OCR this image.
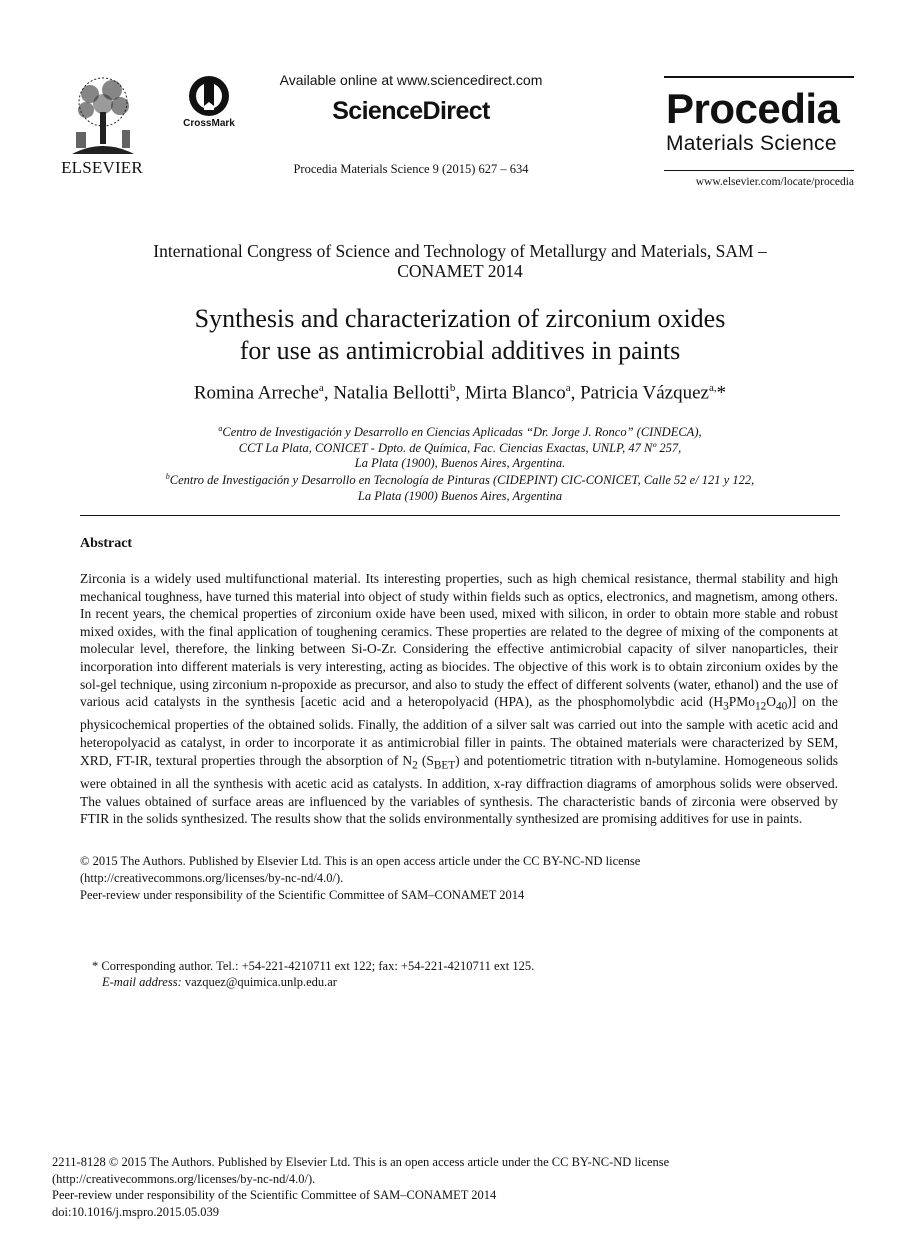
ELSEVIER
CrossMark
Available online at www.sciencedirect.com
ScienceDirect
Procedia Materials Science 9 (2015) 627 – 634
Procedia
Materials Science
www.elsevier.com/locate/procedia
International Congress of Science and Technology of Metallurgy and Materials, SAM –
CONAMET 2014
Synthesis and characterization of zirconium oxides
for use as antimicrobial additives in paints
Romina Arreche$^a$, Natalia Bellotti$^b$, Mirta Blanco$^a$, Patricia Vázquez$^{a,}$*
$^a$Centro de Investigación y Desarrollo en Ciencias Aplicadas “Dr. Jorge J. Ronco” (CINDECA),
CCT La Plata, CONICET - Dpto. de Química, Fac. Ciencias Exactas, UNLP, 47 Nº 257,
La Plata (1900), Buenos Aires, Argentina.
$^b$Centro de Investigación y Desarrollo en Tecnología de Pinturas (CIDEPINT) CIC-CONICET, Calle 52 e/ 121 y 122,
La Plata (1900) Buenos Aires, Argentina
Abstract
Zirconia is a widely used multifunctional material. Its interesting properties, such as high chemical resistance, thermal stability and high mechanical toughness, have turned this material into object of study within fields such as optics, electronics, and magnetism, among others. In recent years, the chemical properties of zirconium oxide have been used, mixed with silicon, in order to obtain more stable and robust mixed oxides, with the final application of toughening ceramics. These properties are related to the degree of mixing of the components at molecular level, therefore, the linking between Si-O-Zr. Considering the effective antimicrobial capacity of silver nanoparticles, their incorporation into different materials is very interesting, acting as biocides. The objective of this work is to obtain zirconium oxides by the sol-gel technique, using zirconium n-propoxide as precursor, and also to study the effect of different solvents (water, ethanol) and the use of various acid catalysts in the synthesis [acetic acid and a heteropolyacid (HPA), as the phosphomolybdic acid $(H_3PMo_{12}O_{40})$] on the physicochemical properties of the obtained solids. Finally, the addition of a silver salt was carried out into the sample with acetic acid and heteropolyacid as catalyst, in order to incorporate it as antimicrobial filler in paints. The obtained materials were characterized by SEM, XRD, FT-IR, textural properties through the absorption of $N_2$ $(S_{BET})$ and potentiometric titration with n-butylamine. Homogeneous solids were obtained in all the synthesis with acetic acid as catalysts. In addition, x-ray diffraction diagrams of amorphous solids were observed. The values obtained of surface areas are influenced by the variables of synthesis. The characteristic bands of zirconia were observed by FTIR in the solids synthesized. The results show that the solids environmentally synthesized are promising additives for use in paints.
© 2015 The Authors. Published by Elsevier Ltd. This is an open access article under the CC BY-NC-ND license
(http://creativecommons.org/licenses/by-nc-nd/4.0/).
Peer-review under responsibility of the Scientific Committee of SAM–CONAMET 2014
* Corresponding author. Tel.: +54-221-4210711 ext 122; fax: +54-221-4210711 ext 125.
E-mail address: vazquez@quimica.unlp.edu.ar
2211-8128 © 2015 The Authors. Published by Elsevier Ltd. This is an open access article under the CC BY-NC-ND license
(http://creativecommons.org/licenses/by-nc-nd/4.0/).
Peer-review under responsibility of the Scientific Committee of SAM–CONAMET 2014
doi:10.1016/j.mspro.2015.05.039
